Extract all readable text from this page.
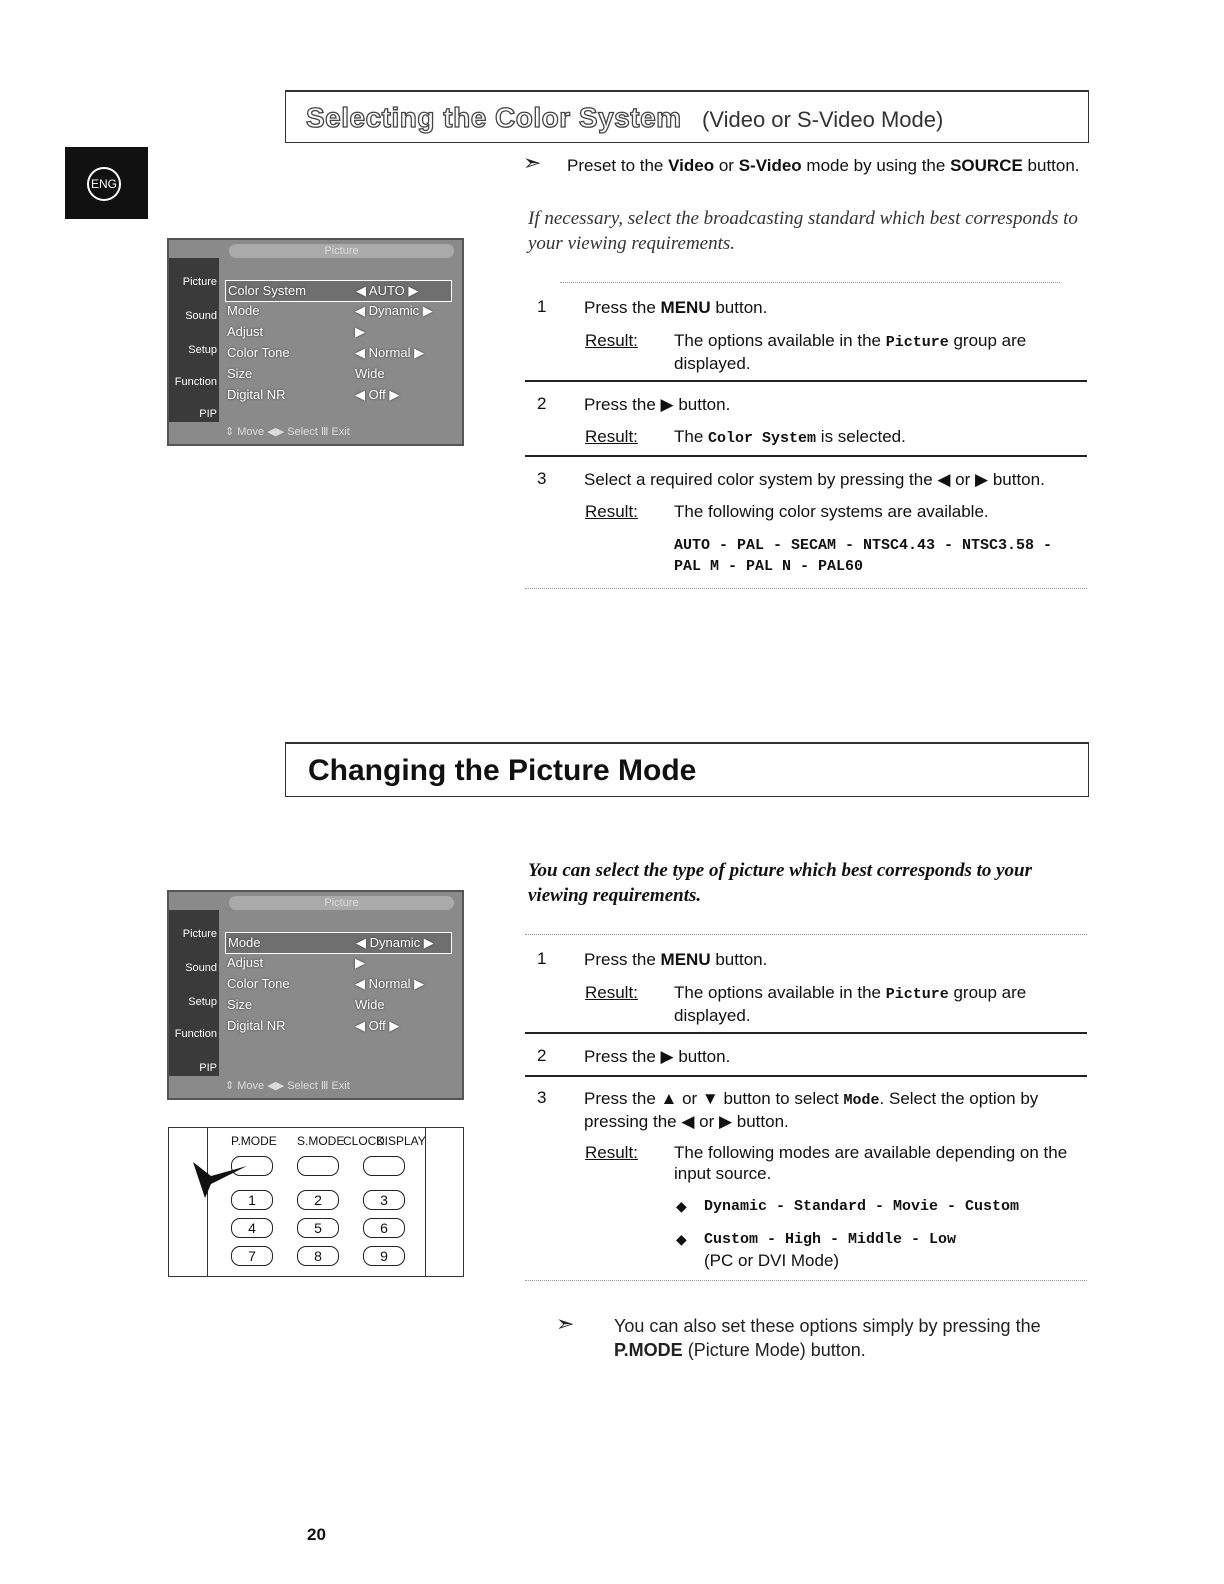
ENG
Selecting the Color System (Video or S-Video Mode)
➣ Preset to the Video or S-Video mode by using the SOURCE button.
If necessary, select the broadcasting standard which best corresponds to your viewing requirements.
Picture
Picture
Sound
Setup
Function
PIP
Color System	◀ AUTO ▶
Mode	◀ Dynamic ▶
Adjust	▶
Color Tone	◀ Normal ▶
Size	Wide
Digital NR	◀ Off ▶
⇕ Move ◀▶ Select Ⅲ Exit
1 Press the MENU button.
Result: The options available in the Picture group are displayed.
2 Press the ▶ button.
Result: The Color System is selected.
3 Select a required color system by pressing the ◀ or ▶ button.
Result: The following color systems are available.
AUTO - PAL - SECAM - NTSC4.43 - NTSC3.58 -
PAL M - PAL N - PAL60
Changing the Picture Mode
You can select the type of picture which best corresponds to your viewing requirements.
Picture
Picture
Sound
Setup
Function
PIP
Mode	◀ Dynamic ▶
Adjust	▶
Color Tone	◀ Normal ▶
Size	Wide
Digital NR	◀ Off ▶
⇕ Move ◀▶ Select Ⅲ Exit
P.MODE S.MODE
CLOCK
DISPLAY
1	2	3
4	5	6
7	8	9
1 Press the MENU button.
Result: The options available in the Picture group are displayed.
2 Press the ▶ button.
3 Press the ▲ or ▼ button to select Mode. Select the option by pressing the ◀ or ▶ button.
Result: The following modes are available depending on the input source.
◆ Dynamic - Standard - Movie - Custom
◆ Custom - High - Middle - Low
(PC or DVI Mode)
➣ You can also set these options simply by pressing the P.MODE (Picture Mode) button.
20
